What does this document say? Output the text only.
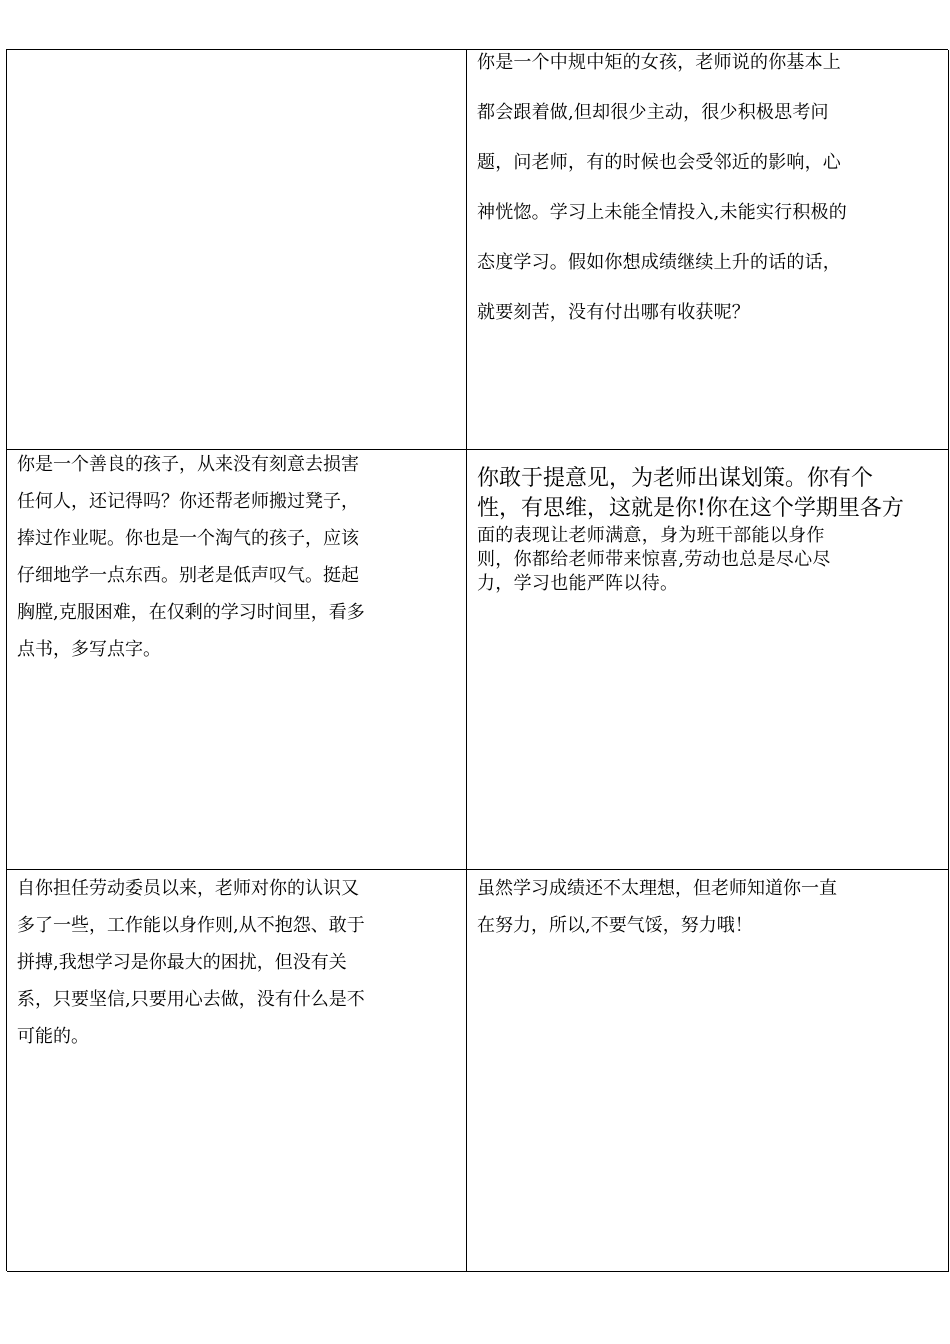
你是一个中规中矩的女孩，老师说的你基本上
都会跟着做,但却很少主动，很少积极思考问
题，问老师，有的时候也会受邻近的影响，心
神恍惚。学习上未能全情投入,未能实行积极的
态度学习。假如你想成绩继续上升的话的话，
就要刻苦，没有付出哪有收获呢？

你是一个善良的孩子，从来没有刻意去损害
任何人，还记得吗？你还帮老师搬过凳子，
捧过作业呢。你也是一个淘气的孩子，应该
仔细地学一点东西。别老是低声叹气。挺起
胸膛,克服困难，在仅剩的学习时间里，看多
点书，多写点字。

你敢于提意见，为老师出谋划策。你有个
性，有思维，这就是你!你在这个学期里各方

面的表现让老师满意，身为班干部能以身作
则，你都给老师带来惊喜,劳动也总是尽心尽
力，学习也能严阵以待。

自你担任劳动委员以来，老师对你的认识又
多了一些，工作能以身作则,从不抱怨、敢于
拼搏,我想学习是你最大的困扰，但没有关
系，只要坚信,只要用心去做，没有什么是不
可能的。

虽然学习成绩还不太理想，但老师知道你一直
在努力，所以,不要气馁，努力哦！
